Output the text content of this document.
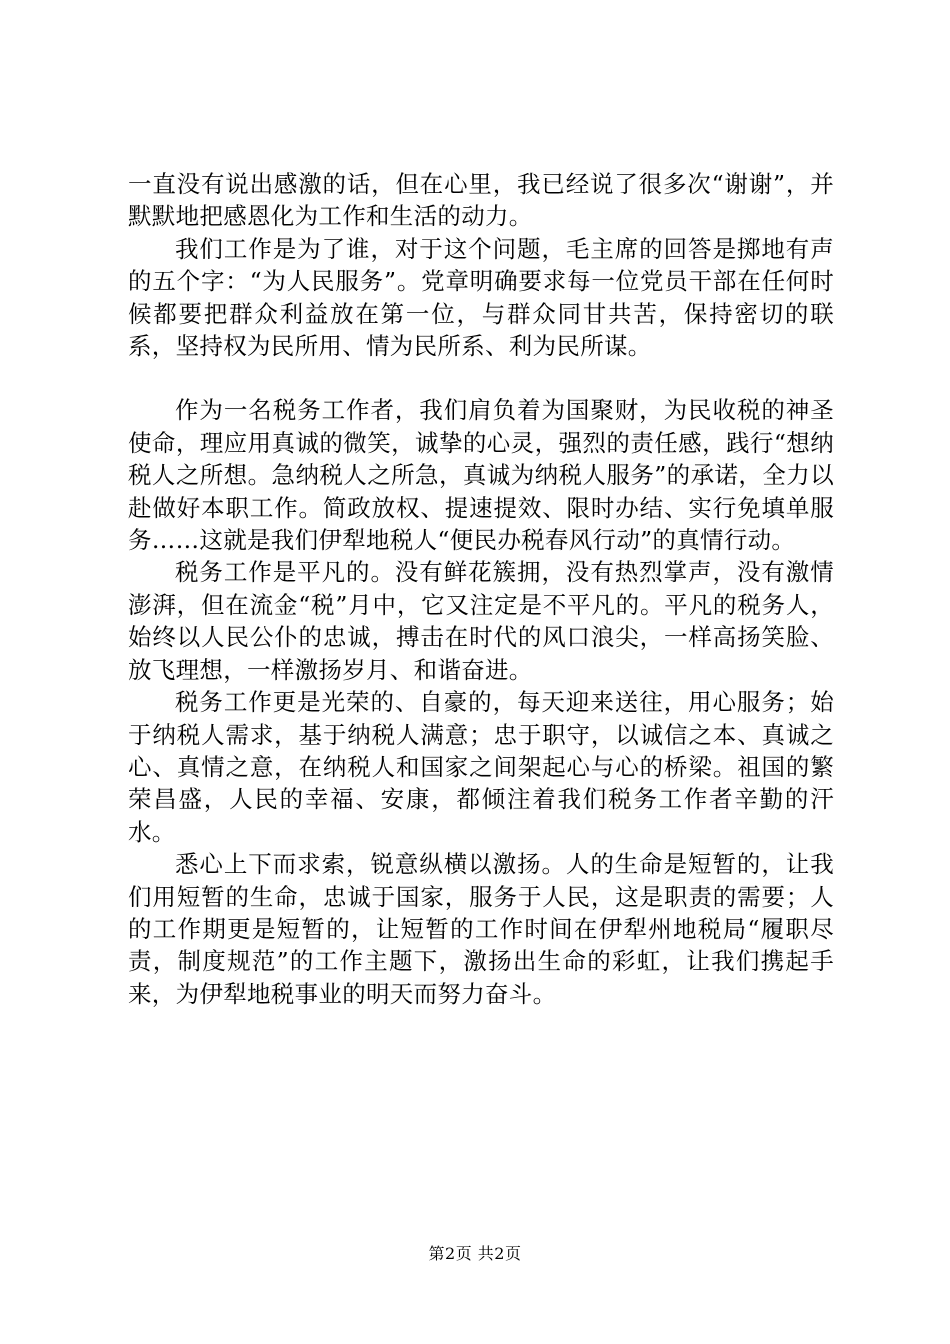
一直没有说出感激的话，但在心里，我已经说了很多次“谢谢”，并默默地把感恩化为工作和生活的动力。

我们工作是为了谁，对于这个问题，毛主席的回答是掷地有声的五个字：“为人民服务”。党章明确要求每一位党员干部在任何时候都要把群众利益放在第一位，与群众同甘共苦，保持密切的联系，坚持权为民所用、情为民所系、利为民所谋。

作为一名税务工作者，我们肩负着为国聚财，为民收税的神圣使命，理应用真诚的微笑，诚挚的心灵，强烈的责任感，践行“想纳税人之所想。急纳税人之所急，真诚为纳税人服务”的承诺，全力以赴做好本职工作。简政放权、提速提效、限时办结、实行免填单服务……这就是我们伊犁地税人“便民办税春风行动”的真情行动。

税务工作是平凡的。没有鲜花簇拥，没有热烈掌声，没有激情澎湃，但在流金“税”月中，它又注定是不平凡的。平凡的税务人，始终以人民公仆的忠诚，搏击在时代的风口浪尖，一样高扬笑脸、放飞理想，一样激扬岁月、和谐奋进。

税务工作更是光荣的、自豪的，每天迎来送往，用心服务；始于纳税人需求，基于纳税人满意；忠于职守，以诚信之本、真诚之心、真情之意，在纳税人和国家之间架起心与心的桥梁。祖国的繁荣昌盛，人民的幸福、安康，都倾注着我们税务工作者辛勤的汗水。

悉心上下而求索，锐意纵横以激扬。人的生命是短暂的，让我们用短暂的生命，忠诚于国家，服务于人民，这是职责的需要；人的工作期更是短暂的，让短暂的工作时间在伊犁州地税局“履职尽责，制度规范”的工作主题下，激扬出生命的彩虹，让我们携起手来，为伊犁地税事业的明天而努力奋斗。

第2页 共2页
